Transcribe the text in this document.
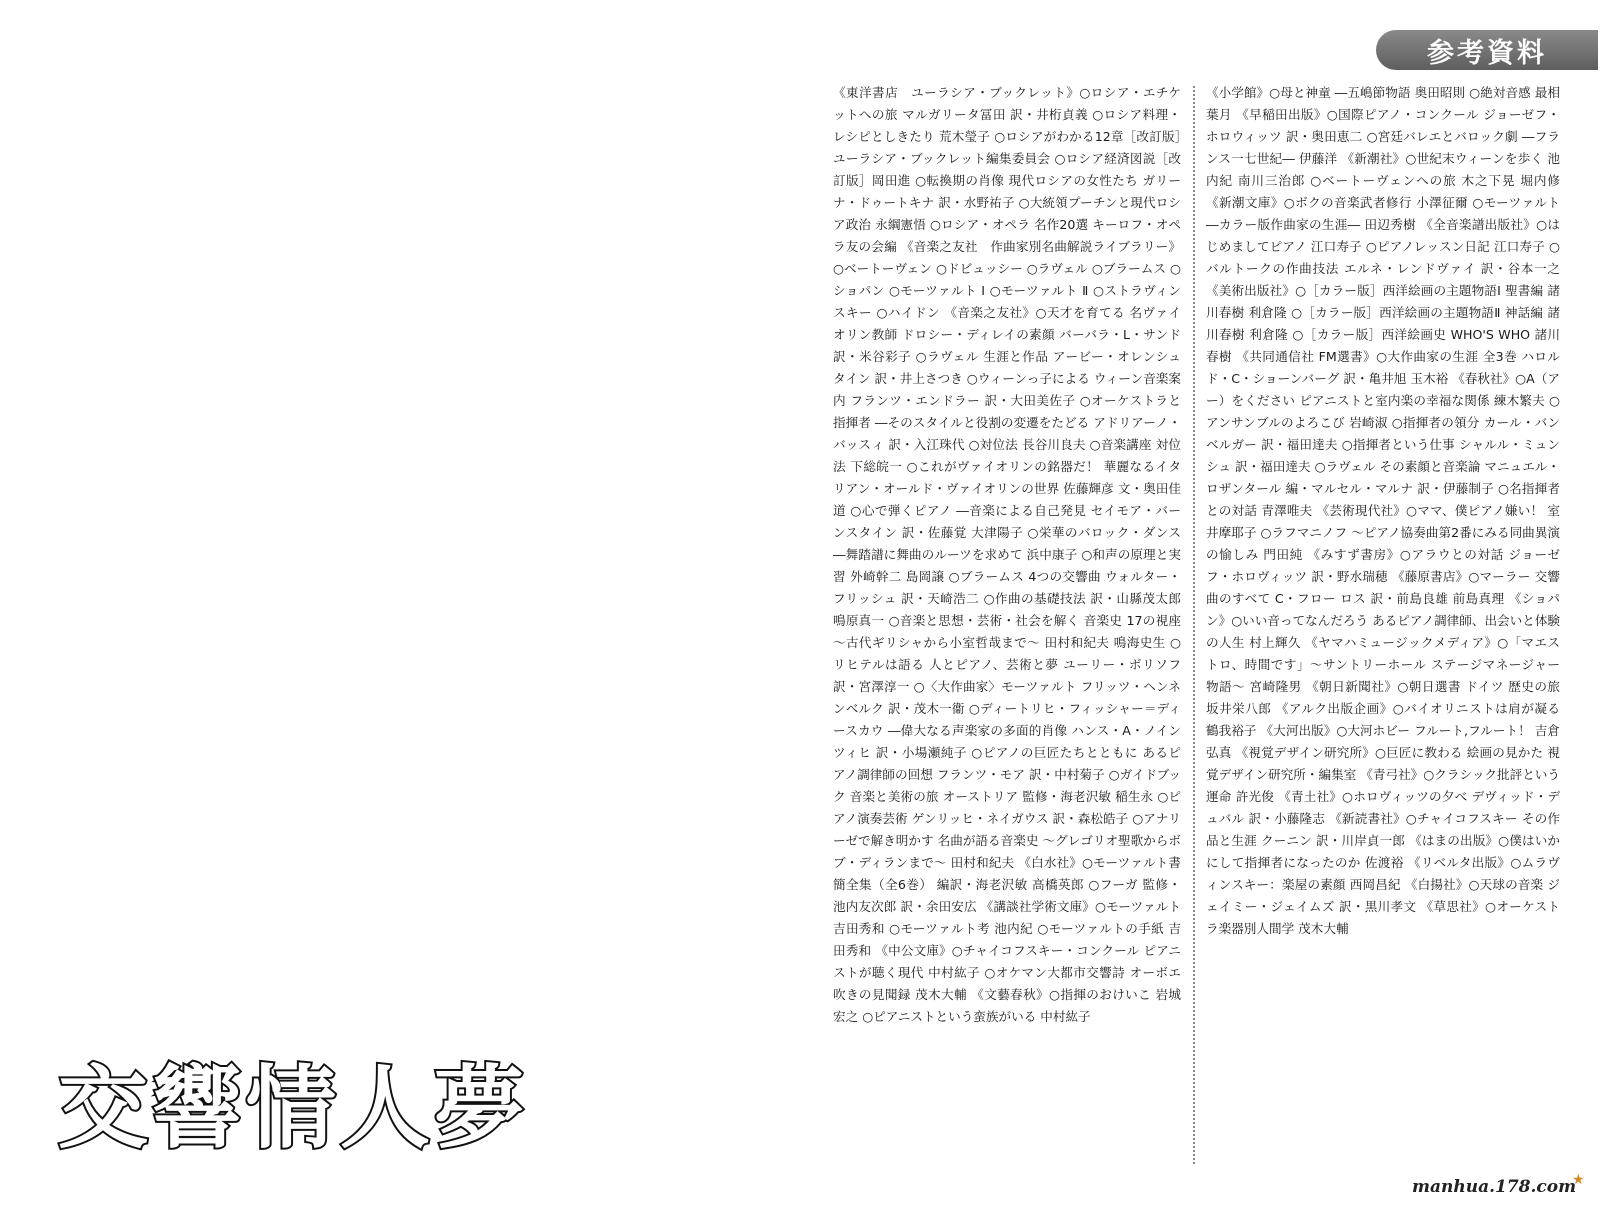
参考資料

《東洋書店　ユーラシア・ブックレット》○ロシア・エチケットへの旅 マルガリータ冨田 訳・井桁貞義 ○ロシア料理・レシピとしきたり 荒木瑩子 ○ロシアがわかる12章［改訂版］ユーラシア・ブックレット編集委員会 ○ロシア経済図説［改訂版］岡田進 ○転換期の肖像 現代ロシアの女性たち ガリーナ・ドゥートキナ 訳・水野祐子 ○大統領プーチンと現代ロシア政治 永綱憲悟 ○ロシア・オペラ 名作20選 キーロフ・オペラ友の会編 《音楽之友社　作曲家別名曲解説ライブラリー》○ベートーヴェン ○ドビュッシー ○ラヴェル ○ブラームス ○ショパン ○モーツァルト Ⅰ ○モーツァルト Ⅱ ○ストラヴィンスキー ○ハイドン 《音楽之友社》○天才を育てる 名ヴァイオリン教師 ドロシー・ディレイの素顔 バーバラ・L・サンド 訳・米谷彩子 ○ラヴェル 生涯と作品 アービー・オレンシュタイン 訳・井上さつき ○ウィーンっ子による ウィーン音楽案内 フランツ・エンドラー 訳・大田美佐子 ○オーケストラと指揮者 ―そのスタイルと役割の変遷をたどる アドリアーノ・バッスィ 訳・入江珠代 ○対位法 長谷川良夫 ○音楽講座 対位法 下総皖一 ○これがヴァイオリンの銘器だ！ 華麗なるイタリアン・オールド・ヴァイオリンの世界 佐藤輝彦 文・奥田佳道 ○心で弾くピアノ ―音楽による自己発見 セイモア・バーンスタイン 訳・佐藤覚 大津陽子 ○栄華のバロック・ダンス ―舞踏譜に舞曲のルーツを求めて 浜中康子 ○和声の原理と実習 外崎幹二 島岡譲 ○ブラームス 4つの交響曲 ウォルター・フリッシュ 訳・天崎浩二 ○作曲の基礎技法 訳・山縣茂太郎 鳴原真一 ○音楽と思想・芸術・社会を解く 音楽史 17の視座 〜古代ギリシャから小室哲哉まで〜 田村和紀夫 鳴海史生 ○リヒテルは語る 人とピアノ、芸術と夢 ユーリー・ボリソフ 訳・宮澤淳一 ○〈大作曲家〉モーツァルト フリッツ・ヘンネンベルク 訳・茂木一衞 ○ディートリヒ・フィッシャー＝ディースカウ ―偉大なる声楽家の多面的肖像 ハンス・A・ノインツィヒ 訳・小場瀬純子 ○ピアノの巨匠たちとともに あるピアノ調律師の回想 フランツ・モア 訳・中村菊子 ○ガイドブック 音楽と美術の旅 オーストリア 監修・海老沢敏 稲生永 ○ピアノ演奏芸術 ゲンリッヒ・ネイガウス 訳・森松皓子 ○アナリーゼで解き明かす 名曲が語る音楽史 〜グレゴリオ聖歌からボブ・ディランまで〜 田村和紀夫 《白水社》○モーツァルト書簡全集（全6巻） 編訳・海老沢敏 高橋英郎 ○フーガ 監修・池内友次郎 訳・余田安広 《講談社学術文庫》○モーツァルト 吉田秀和 ○モーツァルト考 池内紀 ○モーツァルトの手紙 吉田秀和 《中公文庫》○チャイコフスキー・コンクール ピアニストが聴く現代 中村紘子 ○オケマン大都市交響詩 オーボエ吹きの見聞録 茂木大輔 《文藝春秋》○指揮のおけいこ 岩城宏之 ○ピアニストという蛮族がいる 中村紘子

《小学館》○母と神童 ―五嶋節物語 奥田昭則 ○絶対音感 最相葉月 《早稲田出版》○国際ピアノ・コンクール ジョーゼフ・ホロウィッツ 訳・奥田恵二 ○宮廷バレエとバロック劇 ―フランス一七世紀― 伊藤洋 《新潮社》○世紀末ウィーンを歩く 池内紀 南川三治郎 ○ベートーヴェンへの旅 木之下晃 堀内修 《新潮文庫》○ボクの音楽武者修行 小澤征爾 ○モーツァルト ―カラー版作曲家の生涯― 田辺秀樹 《全音楽譜出版社》○はじめましてピアノ 江口寿子 ○ピアノレッスン日記 江口寿子 ○バルトークの作曲技法 エルネ・レンドヴァイ 訳・谷本一之 《美術出版社》○［カラー版］西洋絵画の主題物語Ⅰ 聖書編 諸川春樹 利倉隆 ○［カラー版］西洋絵画の主題物語Ⅱ 神話編 諸川春樹 利倉隆 ○［カラー版］西洋絵画史 WHO'S WHO 諸川春樹 《共同通信社 FM選書》○大作曲家の生涯 全3巻 ハロルド・C・ショーンバーグ 訳・亀井旭 玉木裕 《春秋社》○A（アー）をください ピアニストと室内楽の幸福な関係 練木繁夫 ○アンサンブルのよろこび 岩崎淑 ○指揮者の領分 カール・バンベルガー 訳・福田達夫 ○指揮者という仕事 シャルル・ミュンシュ 訳・福田達夫 ○ラヴェル その素顔と音楽論 マニュエル・ロザンタール 編・マルセル・マルナ 訳・伊藤制子 ○名指揮者との対話 青澤唯夫 《芸術現代社》○ママ、僕ピアノ嫌い！ 室井摩耶子 ○ラフマニノフ 〜ピアノ協奏曲第2番にみる同曲異演の愉しみ 門田純 《みすず書房》○アラウとの対話 ジョーゼフ・ホロヴィッツ 訳・野水瑞穂 《藤原書店》○マーラー 交響曲のすべて C・フロー ロス 訳・前島良雄 前島真理 《ショパン》○いい音ってなんだろう あるピアノ調律師、出会いと体験の人生 村上輝久 《ヤマハミュージックメディア》○「マエストロ、時間です」〜サントリーホール ステージマネージャー物語〜 宮崎隆男 《朝日新聞社》○朝日選書 ドイツ 歴史の旅 坂井栄八郎 《アルク出版企画》○バイオリニストは肩が凝る 鶴我裕子 《大河出版》○大河ホビー フルート,フルート！ 吉倉弘真 《視覚デザイン研究所》○巨匠に教わる 絵画の見かた 視覚デザイン研究所・編集室 《青弓社》○クラシック批評という運命 許光俊 《青土社》○ホロヴィッツの夕べ デヴィッド・デュバル 訳・小藤隆志 《新読書社》○チャイコフスキー その作品と生涯 クーニン 訳・川岸貞一郎 《はまの出版》○僕はいかにして指揮者になったのか 佐渡裕 《リベルタ出版》○ムラヴィンスキー：楽屋の素顔 西岡昌紀 《白揚社》○天球の音楽 ジェイミー・ジェイムズ 訳・黒川孝文 《草思社》○オーケストラ楽器別人間学 茂木大輔

交響情人夢
manhua.178.com
★
